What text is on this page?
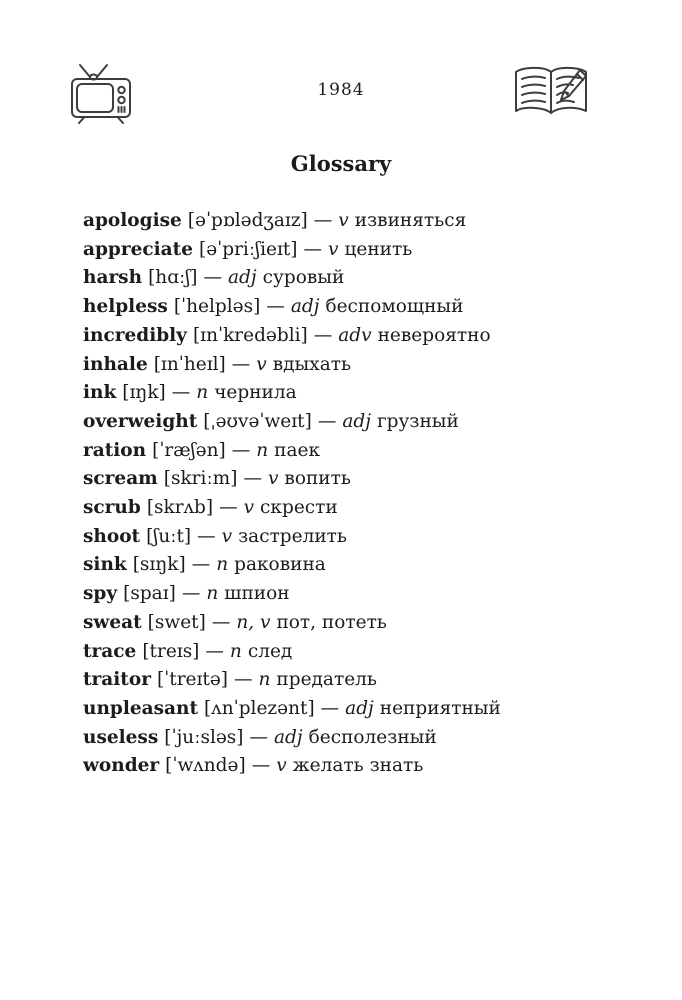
1984
Glossary

apologise [əˈpɒlədʒaɪz] — v извиняться

appreciate [əˈpriːʃieɪt] — v ценить

harsh [hɑːʃ] — adj суровый

helpless [ˈhelpləs] — adj беспомощный

incredibly [ɪnˈkredəbli] — adv невероятно

inhale [ɪnˈheɪl] — v вдыхать

ink [ɪŋk] — n чернила

overweight [ˌəʊvəˈweɪt] — adj грузный

ration [ˈræʃən] — n паек

scream [skriːm] — v вопить

scrub [skrʌb] — v скрести

shoot [ʃuːt] — v застрелить

sink [sɪŋk] — n раковина

spy [spaɪ] — n шпион

sweat [swet] — n, v пот, потеть

trace [treɪs] — n след

traitor [ˈtreɪtə] — n предатель

unpleasant [ʌnˈplezənt] — adj неприятный

useless [ˈjuːsləs] — adj бесполезный

wonder [ˈwʌndə] — v желать знать
